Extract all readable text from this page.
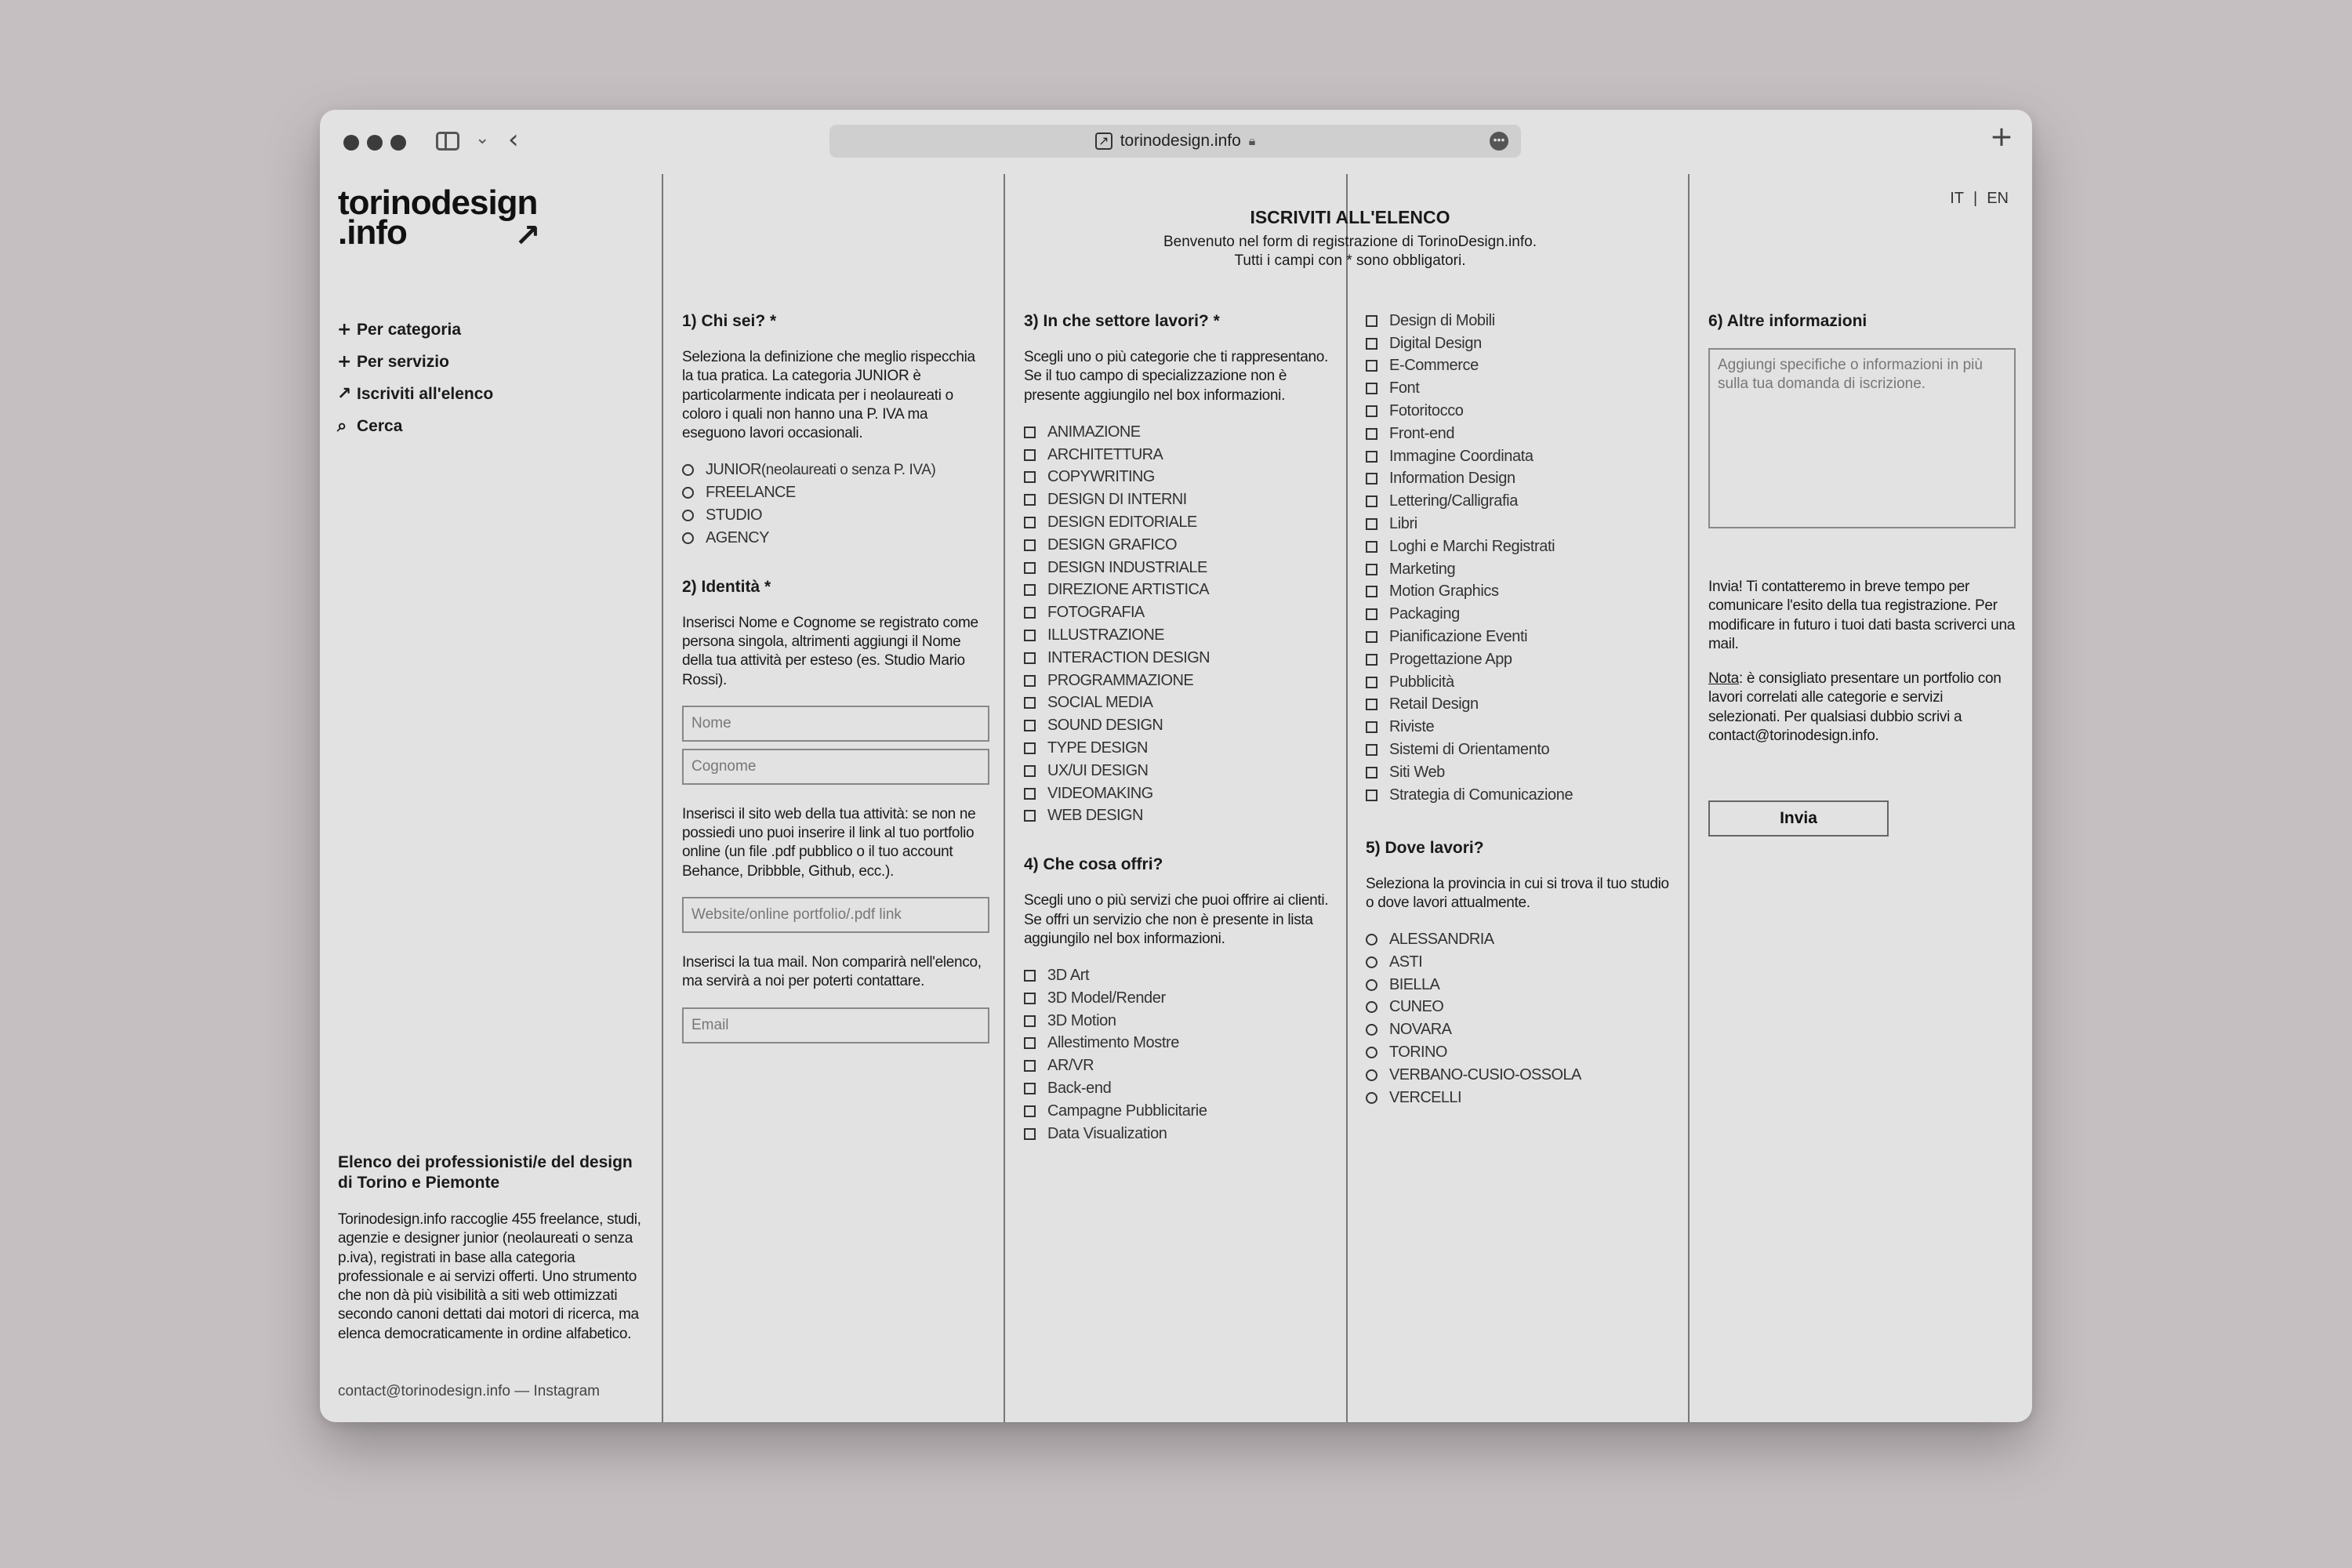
⌄ ‹	↗ torinodesign.info 🔒︎	•••	+
torinodesign
.info	↗
+ Per categoria
+ Per servizio
↗ Iscriviti all'elenco
⌕ Cerca
Elenco dei professionisti/e del design di Torino e Piemonte
Torinodesign.info raccoglie 455 freelance, studi, agenzie e designer junior (neolaureati o senza p.iva), registrati in base alla categoria professionale e ai servizi offerti. Uno strumento che non dà più visibilità a siti web ottimizzati secondo canoni dettati dai motori di ricerca, ma elenca democraticamente in ordine alfabetico.
contact@torinodesign.info — Instagram
IT | EN
ISCRIVITI ALL'ELENCO

Benvenuto nel form di registrazione di TorinoDesign.info.

Tutti i campi con * sono obbligatori.

1) Chi sei? *
Seleziona la definizione che meglio rispecchia la tua pratica. La categoria JUNIOR è particolarmente indicata per i neolaureati o coloro i quali non hanno una P. IVA ma eseguono lavori occasionali.
JUNIOR (neolaureati o senza P. IVA)
FREELANCE
STUDIO
AGENCY
2) Identità *
Inserisci Nome e Cognome se registrato come persona singola, altrimenti aggiungi il Nome della tua attività per esteso (es. Studio Mario Rossi).
Nome Cognome
Inserisci il sito web della tua attività: se non ne possiedi uno puoi inserire il link al tuo portfolio online (un file .pdf pubblico o il tuo account Behance, Dribbble, Github, ecc.).
Website/online portfolio/.pdf link
Inserisci la tua mail. Non comparirà nell'elenco, ma servirà a noi per poterti contattare.
Email
3) In che settore lavori? *
Scegli uno o più categorie che ti rappresentano. Se il tuo campo di specializzazione non è presente aggiungilo nel box informazioni.
ANIMAZIONE
ARCHITETTURA
COPYWRITING
DESIGN DI INTERNI
DESIGN EDITORIALE
DESIGN GRAFICO
DESIGN INDUSTRIALE
DIREZIONE ARTISTICA
FOTOGRAFIA
ILLUSTRAZIONE
INTERACTION DESIGN
PROGRAMMAZIONE
SOCIAL MEDIA
SOUND DESIGN
TYPE DESIGN
UX/UI DESIGN
VIDEOMAKING
WEB DESIGN
4) Che cosa offri?
Scegli uno o più servizi che puoi offrire ai clienti. Se offri un servizio che non è presente in lista aggiungilo nel box informazioni.
3D Art
3D Model/Render
3D Motion
Allestimento Mostre
AR/VR
Back-end
Campagne Pubblicitarie
Data Visualization
Design di Mobili
Digital Design
E-Commerce
Font
Fotoritocco
Front-end
Immagine Coordinata
Information Design
Lettering/Calligrafia
Libri
Loghi e Marchi Registrati
Marketing
Motion Graphics
Packaging
Pianificazione Eventi
Progettazione App
Pubblicità
Retail Design
Riviste
Sistemi di Orientamento
Siti Web
Strategia di Comunicazione
5) Dove lavori?
Seleziona la provincia in cui si trova il tuo studio o dove lavori attualmente.
ALESSANDRIA
ASTI
BIELLA
CUNEO
NOVARA
TORINO
VERBANO-CUSIO-OSSOLA
VERCELLI
6) Altre informazioni
Aggiungi specifiche o informazioni in più sulla tua domanda di iscrizione.
Invia! Ti contatteremo in breve tempo per comunicare l'esito della tua registrazione. Per modificare in futuro i tuoi dati basta scriverci una mail.
Nota: è consigliato presentare un portfolio con lavori correlati alle categorie e servizi selezionati. Per qualsiasi dubbio scrivi a contact@torinodesign.info.
Invia
